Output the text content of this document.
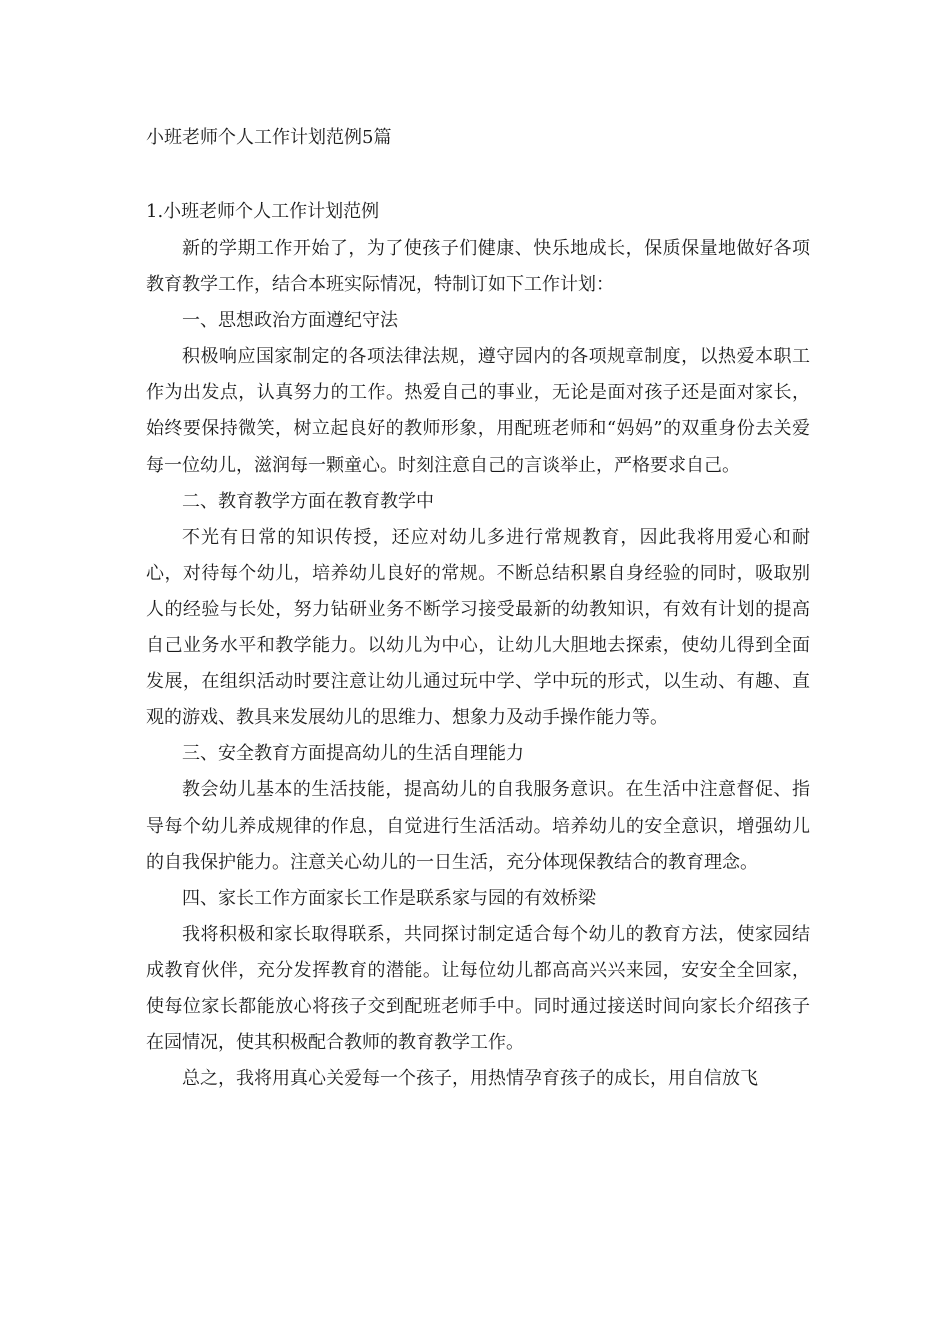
小班老师个人工作计划范例5篇
1.小班老师个人工作计划范例

新的学期工作开始了，为了使孩子们健康、快乐地成长，保质保量地做好各项教育教学工作，结合本班实际情况，特制订如下工作计划：

一、思想政治方面遵纪守法

积极响应国家制定的各项法律法规，遵守园内的各项规章制度，以热爱本职工作为出发点，认真努力的工作。热爱自己的事业，无论是面对孩子还是面对家长，始终要保持微笑，树立起良好的教师形象，用配班老师和“妈妈”的双重身份去关爱每一位幼儿，滋润每一颗童心。时刻注意自己的言谈举止，严格要求自己。

二、教育教学方面在教育教学中

不光有日常的知识传授，还应对幼儿多进行常规教育，因此我将用爱心和耐心，对待每个幼儿，培养幼儿良好的常规。不断总结积累自身经验的同时，吸取别人的经验与长处，努力钻研业务不断学习接受最新的幼教知识，有效有计划的提高自己业务水平和教学能力。以幼儿为中心，让幼儿大胆地去探索，使幼儿得到全面发展，在组织活动时要注意让幼儿通过玩中学、学中玩的形式，以生动、有趣、直观的游戏、教具来发展幼儿的思维力、想象力及动手操作能力等。

三、安全教育方面提高幼儿的生活自理能力

教会幼儿基本的生活技能，提高幼儿的自我服务意识。在生活中注意督促、指导每个幼儿养成规律的作息，自觉进行生活活动。培养幼儿的安全意识，增强幼儿的自我保护能力。注意关心幼儿的一日生活，充分体现保教结合的教育理念。

四、家长工作方面家长工作是联系家与园的有效桥梁

我将积极和家长取得联系，共同探讨制定适合每个幼儿的教育方法，使家园结成教育伙伴，充分发挥教育的潜能。让每位幼儿都高高兴兴来园，安安全全回家，使每位家长都能放心将孩子交到配班老师手中。同时通过接送时间向家长介绍孩子在园情况，使其积极配合教师的教育教学工作。

总之，我将用真心关爱每一个孩子，用热情孕育孩子的成长，用自信放飞
